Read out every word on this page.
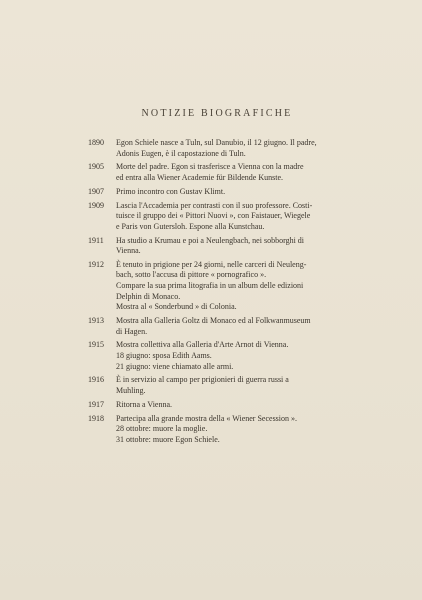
NOTIZIE BIOGRAFICHE
1890	Egon Schiele nasce a Tuln, sul Danubio, il 12 giugno. Il padre,
Adonis Eugen, è il capostazione di Tuln.
1905	Morte del padre. Egon si trasferisce a Vienna con la madre
ed entra alla Wiener Academie für Bildende Kunste.
1907	Primo incontro con Gustav Klimt.
1909	Lascia l'Accademia per contrasti con il suo professore. Costi-
tuisce il gruppo dei « Pittori Nuovi », con Faistauer, Wiegele
e Paris von Gutersloh. Espone alla Kunstchau.
1911	Ha studio a Krumau e poi a Neulengbach, nei sobborghi di
Vienna.
1912	È tenuto in prigione per 24 giorni, nelle carceri di Neuleng-
bach, sotto l'accusa di pittore « pornografico ».
Compare la sua prima litografia in un album delle edizioni
Delphin di Monaco.
Mostra al « Sonderbund » di Colonia.
1913	Mostra alla Galleria Goltz di Monaco ed al Folkwanmuseum
di Hagen.
1915	Mostra collettiva alla Galleria d'Arte Arnot di Vienna.
18 giugno: sposa Edith Aams.
21 giugno: viene chiamato alle armi.
1916	È in servizio al campo per prigionieri di guerra russi a
Muhling.
1917	Ritorna a Vienna.
1918	Partecipa alla grande mostra della « Wiener Secession ».
28 ottobre: muore la moglie.
31 ottobre: muore Egon Schiele.
